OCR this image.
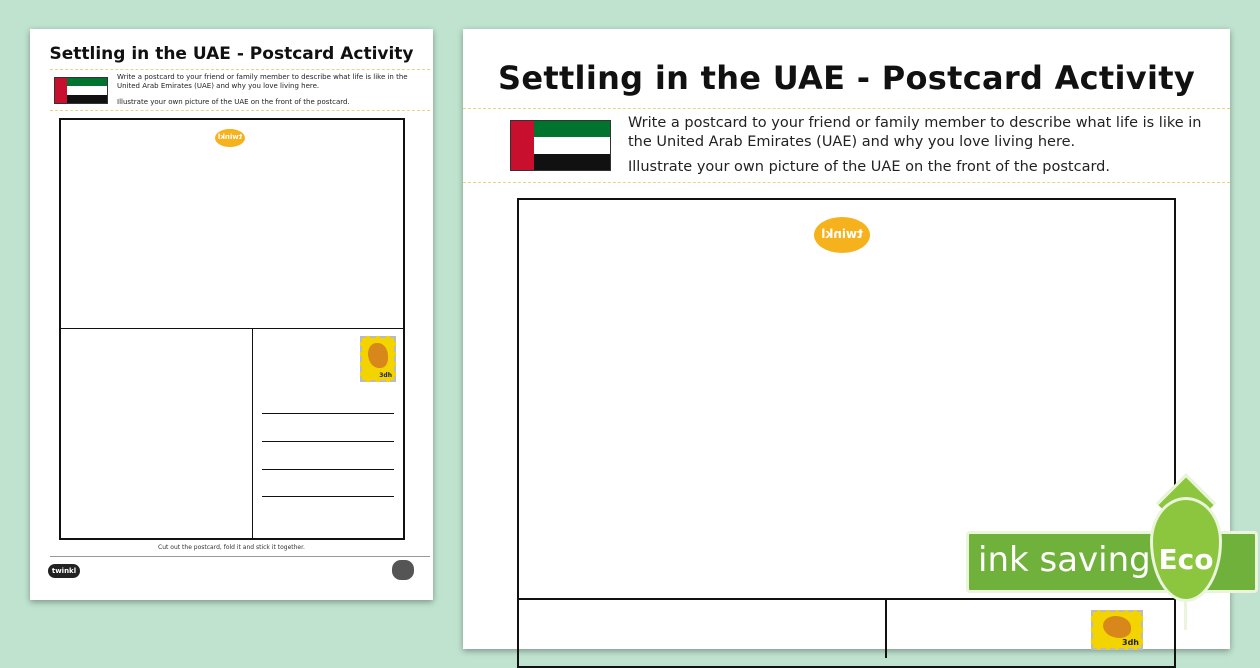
Settling in the UAE - Postcard Activity
Write a postcard to your friend or family member to describe what life is like in the United Arab Emirates (UAE) and why you love living here.
Illustrate your own picture of the UAE on the front of the postcard.
twinkl
3dh
Cut out the postcard, fold it and stick it together.
twinkl
Settling in the UAE - Postcard Activity
Write a postcard to your friend or family member to describe what life is like in the United Arab Emirates (UAE) and why you love living here.
Illustrate your own picture of the UAE on the front of the postcard.
twinkl
3dh
ink saving Eco
